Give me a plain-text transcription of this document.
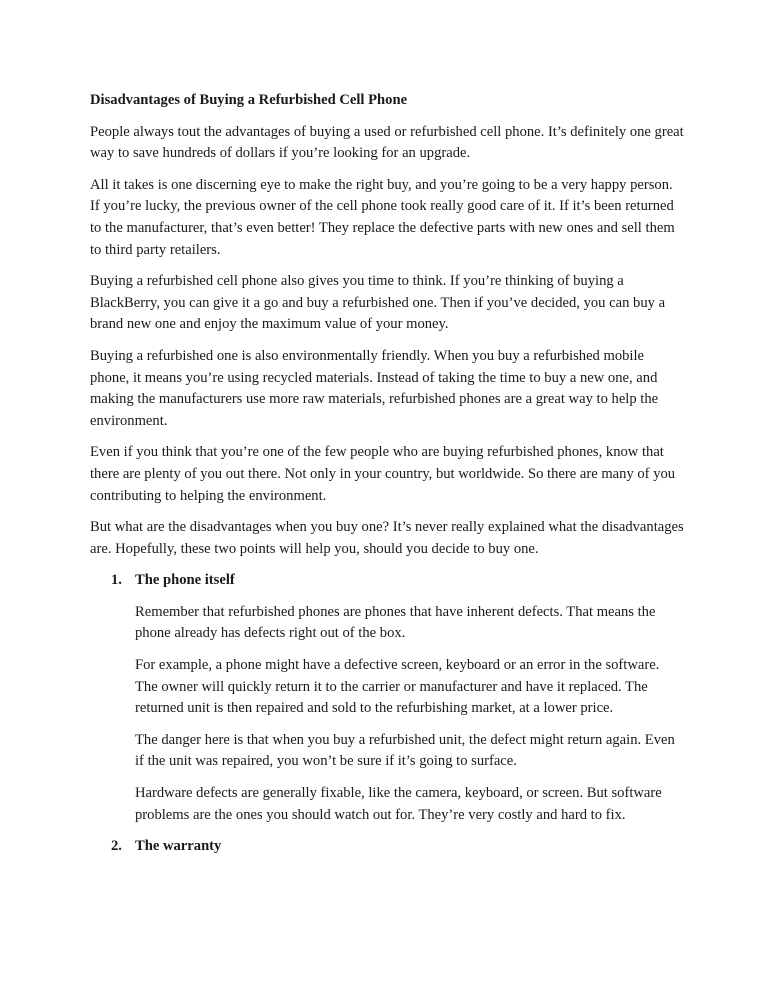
Disadvantages of Buying a Refurbished Cell Phone

People always tout the advantages of buying a used or refurbished cell phone. It’s definitely one great way to save hundreds of dollars if you’re looking for an upgrade.

All it takes is one discerning eye to make the right buy, and you’re going to be a very happy person. If you’re lucky, the previous owner of the cell phone took really good care of it. If it’s been returned to the manufacturer, that’s even better! They replace the defective parts with new ones and sell them to third party retailers.

Buying a refurbished cell phone also gives you time to think. If you’re thinking of buying a BlackBerry, you can give it a go and buy a refurbished one. Then if you’ve decided, you can buy a brand new one and enjoy the maximum value of your money.

Buying a refurbished one is also environmentally friendly. When you buy a refurbished mobile phone, it means you’re using recycled materials. Instead of taking the time to buy a new one, and making the manufacturers use more raw materials, refurbished phones are a great way to help the environment.

Even if you think that you’re one of the few people who are buying refurbished phones, know that there are plenty of you out there. Not only in your country, but worldwide. So there are many of you contributing to helping the environment.

But what are the disadvantages when you buy one? It’s never really explained what the disadvantages are. Hopefully, these two points will help you, should you decide to buy one.

1. The phone itself

Remember that refurbished phones are phones that have inherent defects. That means the phone already has defects right out of the box.

For example, a phone might have a defective screen, keyboard or an error in the software. The owner will quickly return it to the carrier or manufacturer and have it replaced. The returned unit is then repaired and sold to the refurbishing market, at a lower price.

The danger here is that when you buy a refurbished unit, the defect might return again. Even if the unit was repaired, you won’t be sure if it’s going to surface.

Hardware defects are generally fixable, like the camera, keyboard, or screen. But software problems are the ones you should watch out for. They’re very costly and hard to fix.

2. The warranty
